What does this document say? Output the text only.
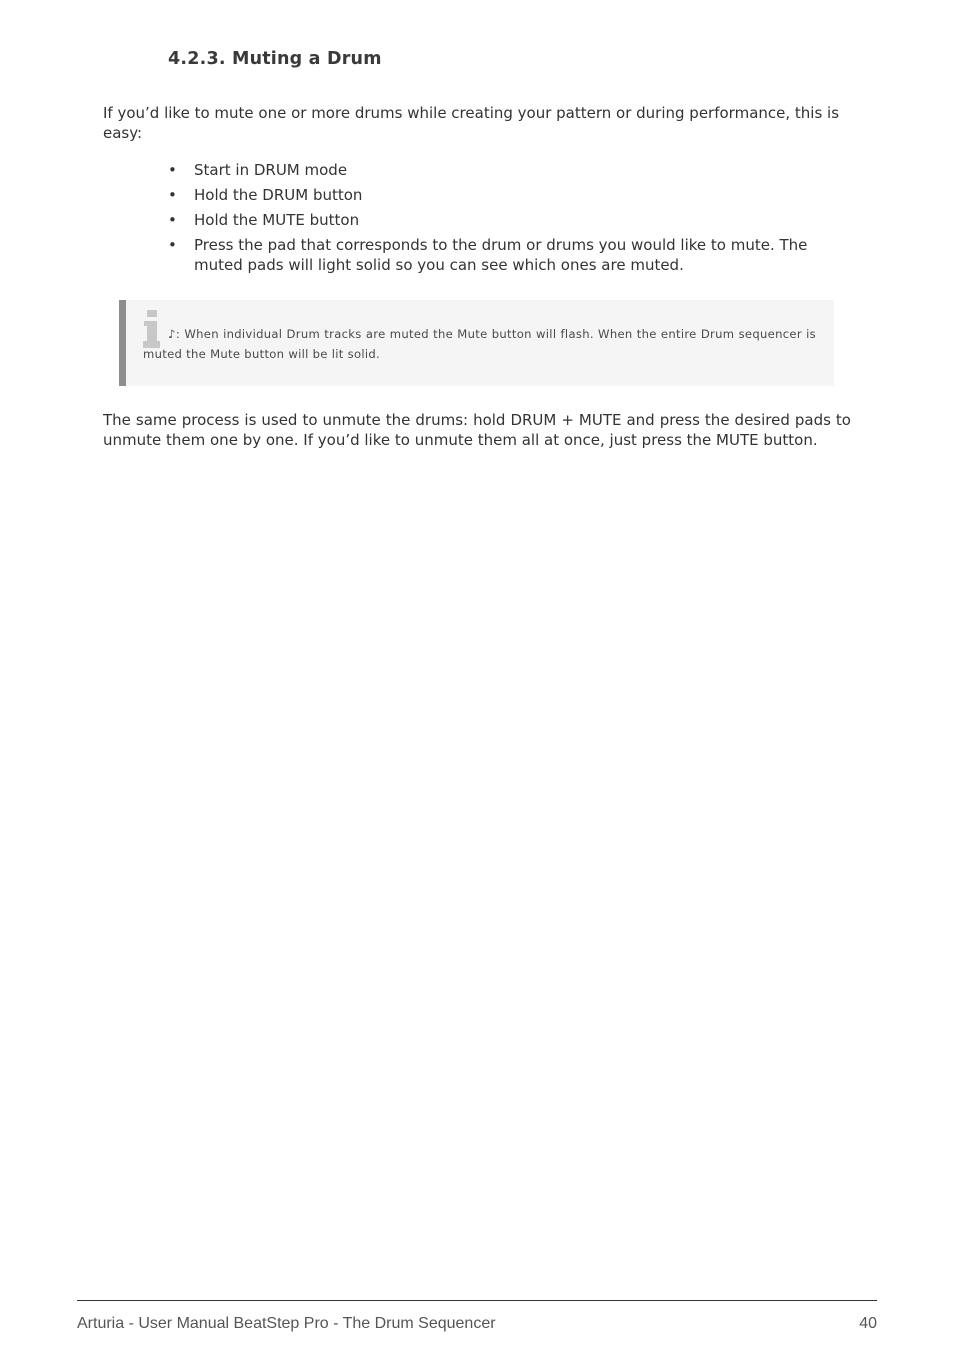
4.2.3. Muting a Drum

If you’d like to mute one or more drums while creating your pattern or during performance, this is easy:

• Start in DRUM mode
• Hold the DRUM button
• Hold the MUTE button
• Press the pad that corresponds to the drum or drums you would like to mute. The muted pads will light solid so you can see which ones are muted.
♪: When individual Drum tracks are muted the Mute button will flash. When the entire Drum sequencer is muted the Mute button will be lit solid.

The same process is used to unmute the drums: hold DRUM + MUTE and press the desired pads to unmute them one by one. If you’d like to unmute them all at once, just press the MUTE button.

Arturia - User Manual BeatStep Pro - The Drum Sequencer	40
